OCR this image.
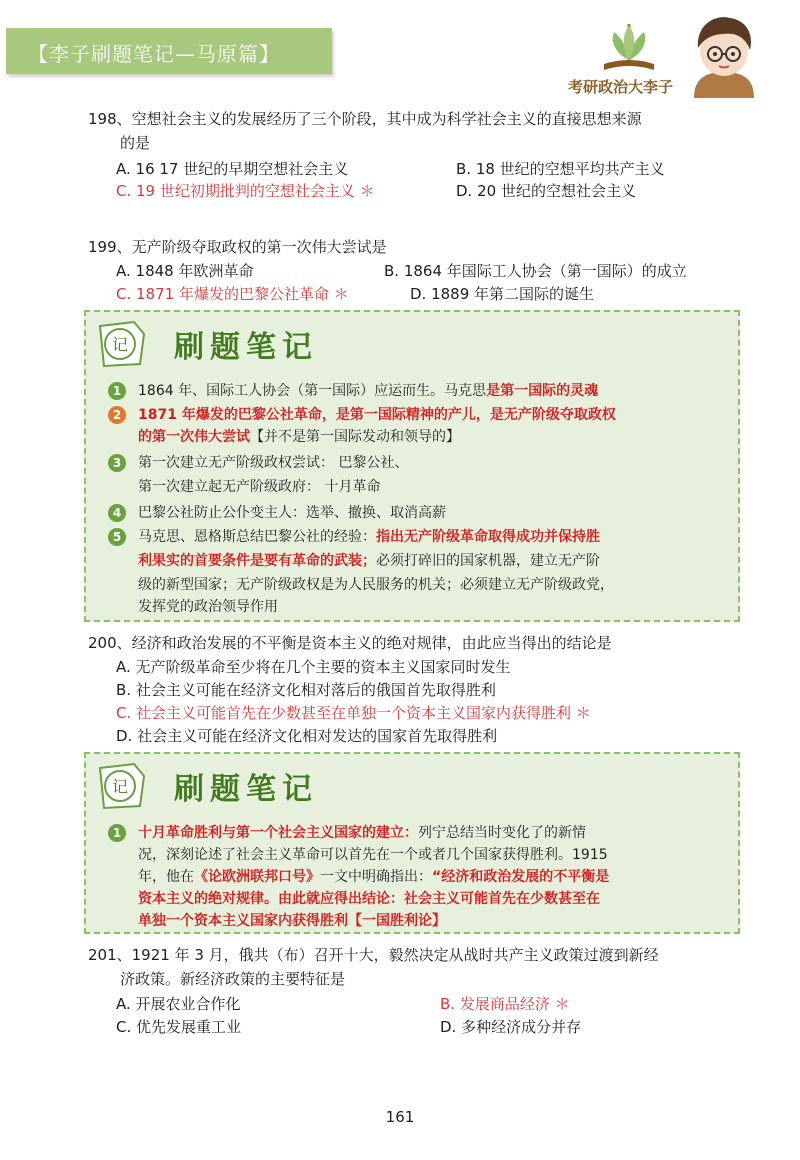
【李子刷题笔记—马原篇】
考研政治大李子
198、空想社会主义的发展经历了三个阶段，其中成为科学社会主义的直接思想来源
的是
A. 16 17 世纪的早期空想社会主义	B. 18 世纪的空想平均共产主义
C. 19 世纪初期批判的空想社会主义 ＊	D. 20 世纪的空想社会主义
199、无产阶级夺取政权的第一次伟大尝试是
A. 1848 年欧洲革命	B. 1864 年国际工人协会（第一国际）的成立
C. 1871 年爆发的巴黎公社革命 ＊	D. 1889 年第二国际的诞生
记 刷题笔记
1	1864 年、国际工人协会（第一国际）应运而生。马克思是第一国际的灵魂
2	1871 年爆发的巴黎公社革命，是第一国际精神的产儿，是无产阶级夺取政权
的第一次伟大尝试【并不是第一国际发动和领导的】
3	第一次建立无产阶级政权尝试： 巴黎公社、
第一次建立起无产阶级政府： 十月革命
4	巴黎公社防止公仆变主人：选举、撤换、取消高薪
5	马克思、恩格斯总结巴黎公社的经验：指出无产阶级革命取得成功并保持胜
利果实的首要条件是要有革命的武装；必须打碎旧的国家机器，建立无产阶
级的新型国家；无产阶级政权是为人民服务的机关；必须建立无产阶级政党，
发挥党的政治领导作用
200、经济和政治发展的不平衡是资本主义的绝对规律，由此应当得出的结论是
A. 无产阶级革命至少将在几个主要的资本主义国家同时发生
B. 社会主义可能在经济文化相对落后的俄国首先取得胜利
C. 社会主义可能首先在少数甚至在单独一个资本主义国家内获得胜利 ＊
D. 社会主义可能在经济文化相对发达的国家首先取得胜利
记 刷题笔记
1	十月革命胜利与第一个社会主义国家的建立：列宁总结当时变化了的新情
况，深刻论述了社会主义革命可以首先在一个或者几个国家获得胜利。1915
年，他在《论欧洲联邦口号》一文中明确指出：“经济和政治发展的不平衡是
资本主义的绝对规律。由此就应得出结论：社会主义可能首先在少数甚至在
单独一个资本主义国家内获得胜利【一国胜利论】
201、1921 年 3 月，俄共（布）召开十大，毅然决定从战时共产主义政策过渡到新经
济政策。新经济政策的主要特征是
A. 开展农业合作化	B. 发展商品经济 ＊
C. 优先发展重工业	D. 多种经济成分并存
161
